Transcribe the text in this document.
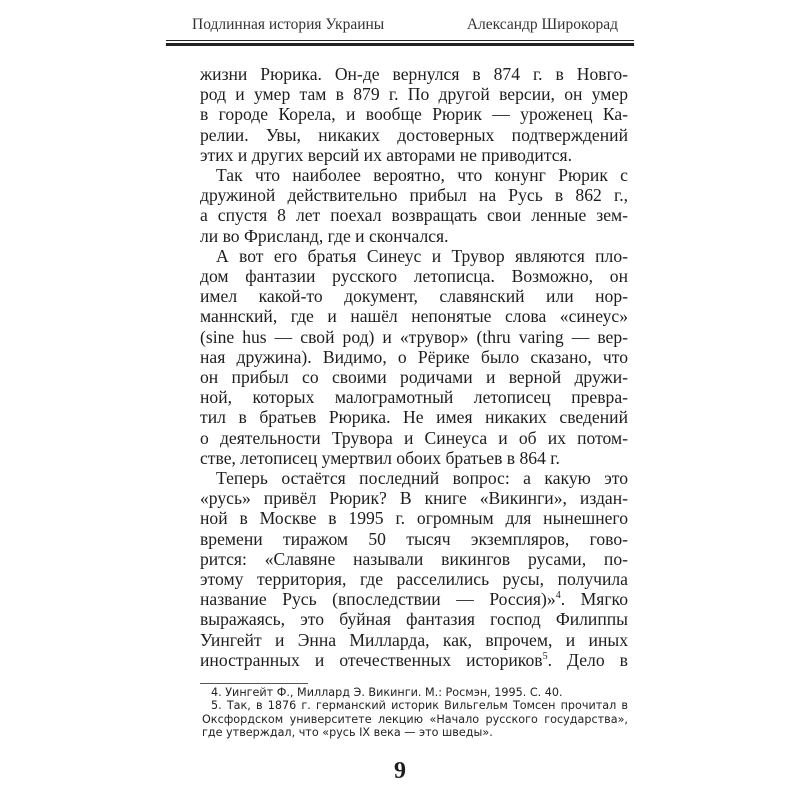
Подлинная история Украины	Александр Широкорад
жизни Рюрика. Он-де вернулся в 874 г. в Новго-
род и умер там в 879 г. По другой версии, он умер
в городе Корела, и вообще Рюрик — уроженец Ка-
релии. Увы, никаких достоверных подтверждений
этих и других версий их авторами не приводится.
Так что наиболее вероятно, что конунг Рюрик с
дружиной действительно прибыл на Русь в 862 г.,
а спустя 8 лет поехал возвращать свои ленные зем-
ли во Фрисланд, где и скончался.
А вот его братья Синеус и Трувор являются пло-
дом фантазии русского летописца. Возможно, он
имел какой-то документ, славянский или нор-
маннский, где и нашёл непонятые слова «синеус»
(sine hus — свой род) и «трувор» (thru varing — вер-
ная дружина). Видимо, о Рёрике было сказано, что
он прибыл со своими родичами и верной дружи-
ной, которых малограмотный летописец превра-
тил в братьев Рюрика. Не имея никаких сведений
о деятельности Трувора и Синеуса и об их потом-
стве, летописец умертвил обоих братьев в 864 г.
Теперь остаётся последний вопрос: а какую это
«русь» привёл Рюрик? В книге «Викинги», издан-
ной в Москве в 1995 г. огромным для нынешнего
времени тиражом 50 тысяч экземпляров, гово-
рится: «Славяне называли викингов русами, по-
этому территория, где расселились русы, получила
название Русь (впоследствии — Россия)»$^4$. Мягко
выражаясь, это буйная фантазия господ Филиппы
Уингейт и Энна Милларда, как, впрочем, и иных
иностранных и отечественных историков$^5$. Дело в
4. Уингейт Ф., Миллард Э. Викинги. М.: Росмэн, 1995. С. 40.
5. Так, в 1876 г. германский историк Вильгельм Томсен прочитал в Оксфордском университете лекцию «Начало русского государства», где утверждал, что «русь IX века — это шведы».
9
